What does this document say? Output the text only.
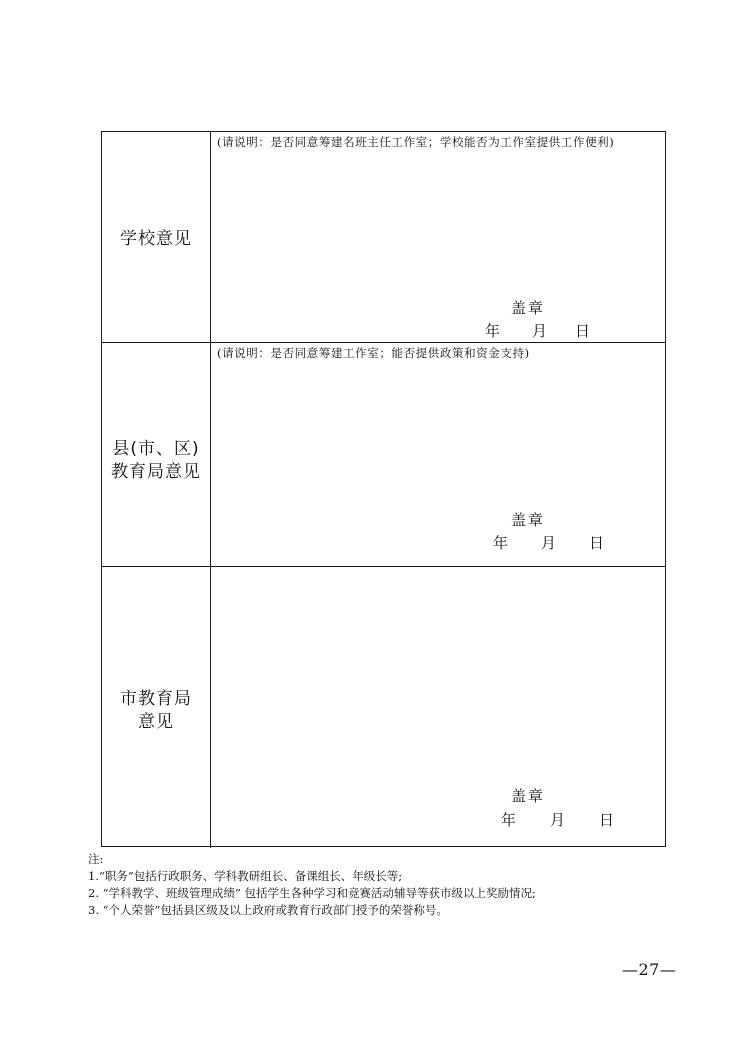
学校意见
(请说明：是否同意筹建名班主任工作室；学校能否为工作室提供工作便利)
盖章
年 月 日
县(市、区)
教育局意见
(请说明：是否同意筹建工作室；能否提供政策和资金支持)
盖章
年 月 日
市教育局
意见
盖章
年 月 日
注:
1.“职务”包括行政职务、学科教研组长、备课组长、年级长等;
2. “学科教学、班级管理成绩” 包括学生各种学习和竞赛活动辅导等获市级以上奖励情况;
3. “个人荣誉”包括县区级及以上政府或教育行政部门授予的荣誉称号。
—27—
